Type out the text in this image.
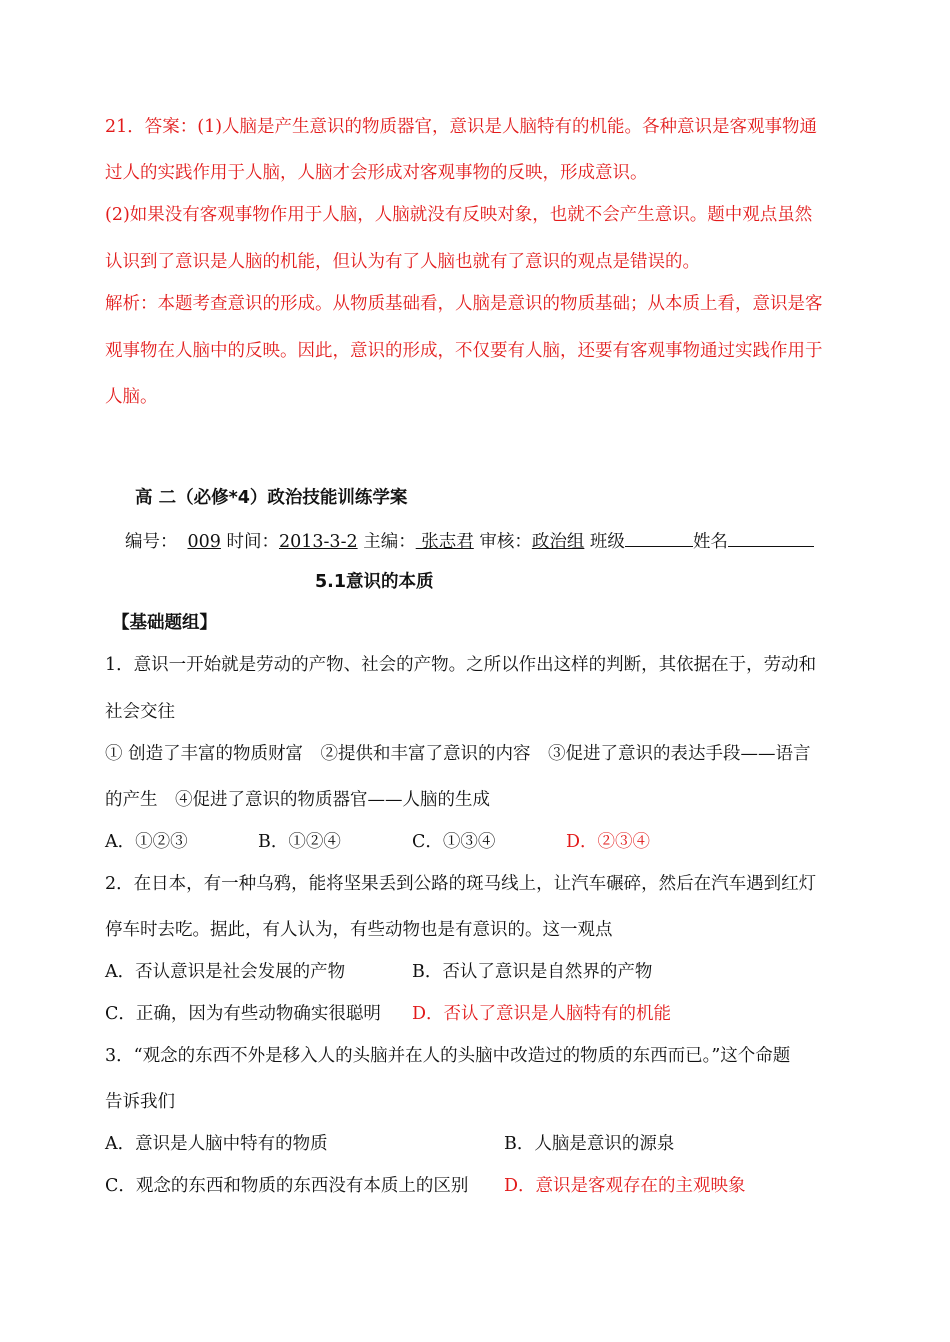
21．答案：(1)人脑是产生意识的物质器官，意识是人脑特有的机能。各种意识是客观事物通
过人的实践作用于人脑，人脑才会形成对客观事物的反映，形成意识。
(2)如果没有客观事物作用于人脑，人脑就没有反映对象，也就不会产生意识。题中观点虽然
认识到了意识是人脑的机能，但认为有了人脑也就有了意识的观点是错误的。
解析：本题考查意识的形成。从物质基础看，人脑是意识的物质基础；从本质上看，意识是客
观事物在人脑中的反映。因此，意识的形成，不仅要有人脑，还要有客观事物通过实践作用于
人脑。
高 二（必修*4）政治技能训练学案
编号： 009 时间：2013-3-2 主编： 张志君 审核：政治组 班级	姓名
5.1意识的本质
【基础题组】
1．意识一开始就是劳动的产物、社会的产物。之所以作出这样的判断，其依据在于，劳动和
社会交往
① 创造了丰富的物质财富　②提供和丰富了意识的内容　③促进了意识的表达手段——语言
的产生　④促进了意识的物质器官——人脑的生成
A．①②③	B．①②④	C．①③④	D．②③④
2．在日本，有一种乌鸦，能将坚果丢到公路的斑马线上，让汽车碾碎，然后在汽车遇到红灯
停车时去吃。据此，有人认为，有些动物也是有意识的。这一观点
A．否认意识是社会发展的产物	B．否认了意识是自然界的产物
C．正确，因为有些动物确实很聪明 D．否认了意识是人脑特有的机能
3．“观念的东西不外是移入人的头脑并在人的头脑中改造过的物质的东西而已。”这个命题
告诉我们
A．意识是人脑中特有的物质	B．人脑是意识的源泉
C．观念的东西和物质的东西没有本质上的区别 D．意识是客观存在的主观映象
